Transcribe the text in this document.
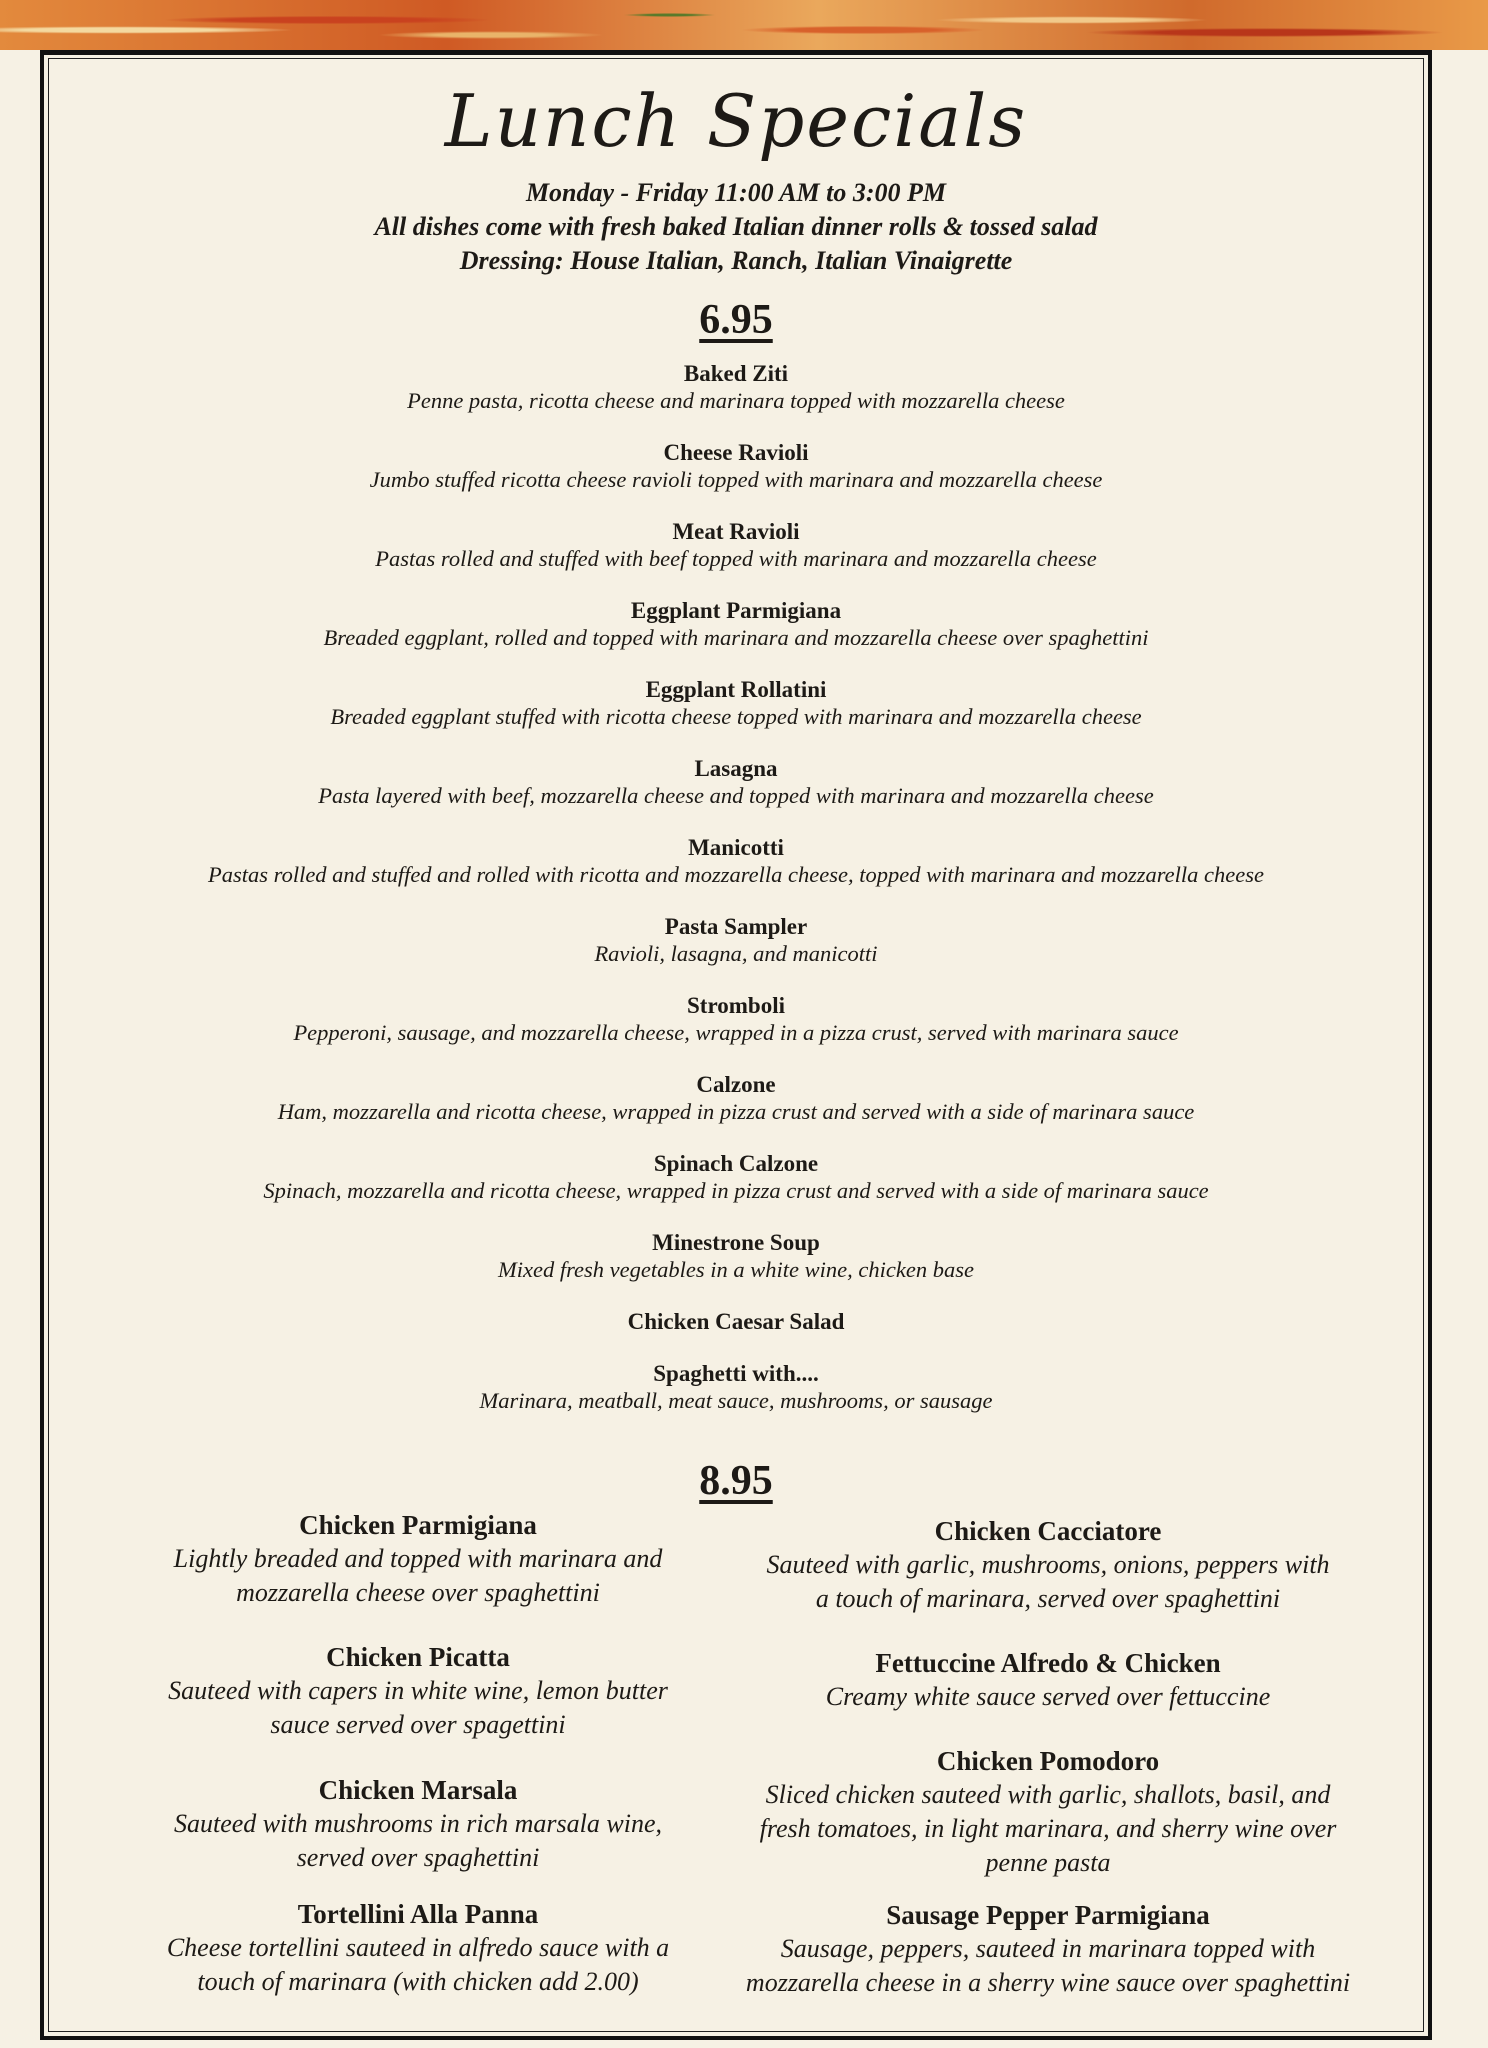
Lunch Specials
Monday - Friday 11:00 AM to 3:00 PM
All dishes come with fresh baked Italian dinner rolls & tossed salad
Dressing: House Italian, Ranch, Italian Vinaigrette
6.95
Baked Ziti
Penne pasta, ricotta cheese and marinara topped with mozzarella cheese
Cheese Ravioli
Jumbo stuffed ricotta cheese ravioli topped with marinara and mozzarella cheese
Meat Ravioli
Pastas rolled and stuffed with beef topped with marinara and mozzarella cheese
Eggplant Parmigiana
Breaded eggplant, rolled and topped with marinara and mozzarella cheese over spaghettini
Eggplant Rollatini
Breaded eggplant stuffed with ricotta cheese topped with marinara and mozzarella cheese
Lasagna
Pasta layered with beef, mozzarella cheese and topped with marinara and mozzarella cheese
Manicotti
Pastas rolled and stuffed and rolled with ricotta and mozzarella cheese, topped with marinara and mozzarella cheese
Pasta Sampler
Ravioli, lasagna, and manicotti
Stromboli
Pepperoni, sausage, and mozzarella cheese, wrapped in a pizza crust, served with marinara sauce
Calzone
Ham, mozzarella and ricotta cheese, wrapped in pizza crust and served with a side of marinara sauce
Spinach Calzone
Spinach, mozzarella and ricotta cheese, wrapped in pizza crust and served with a side of marinara sauce
Minestrone Soup
Mixed fresh vegetables in a white wine, chicken base
Chicken Caesar Salad
Spaghetti with....
Marinara, meatball, meat sauce, mushrooms, or sausage
8.95
Chicken Parmigiana
Lightly breaded and topped with marinara and
mozzarella cheese over spaghettini
Chicken Picatta
Sauteed with capers in white wine, lemon butter
sauce served over spagettini
Chicken Marsala
Sauteed with mushrooms in rich marsala wine,
served over spaghettini
Tortellini Alla Panna
Cheese tortellini sauteed in alfredo sauce with a
touch of marinara (with chicken add 2.00)
Chicken Cacciatore
Sauteed with garlic, mushrooms, onions, peppers with
a touch of marinara, served over spaghettini
Fettuccine Alfredo & Chicken
Creamy white sauce served over fettuccine
Chicken Pomodoro
Sliced chicken sauteed with garlic, shallots, basil, and
fresh tomatoes, in light marinara, and sherry wine over
penne pasta
Sausage Pepper Parmigiana
Sausage, peppers, sauteed in marinara topped with
mozzarella cheese in a sherry wine sauce over spaghettini
